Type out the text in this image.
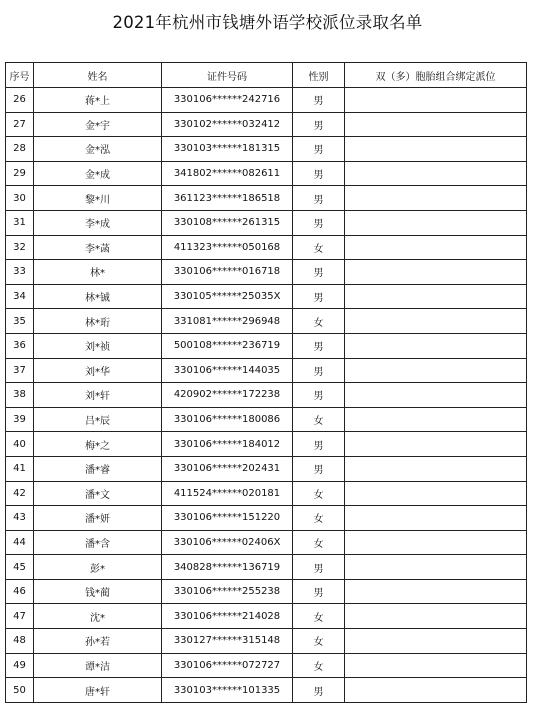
2021年杭州市钱塘外语学校派位录取名单
序号	姓名	证件号码	性别	双（多）胞胎组合绑定派位
26	蒋*上	330106******242716	男	
27	金*宇	330102******032412	男	
28	金*泓	330103******181315	男	
29	金*成	341802******082611	男	
30	黎*川	361123******186518	男	
31	李*成	330108******261315	男	
32	李*菡	411323******050168	女	
33	林*	330106******016718	男	
34	林*铖	330105******25035X	男	
35	林*珩	331081******296948	女	
36	刘*祯	500108******236719	男	
37	刘*华	330106******144035	男	
38	刘*轩	420902******172238	男	
39	吕*辰	330106******180086	女	
40	梅*之	330106******184012	男	
41	潘*睿	330106******202431	男	
42	潘*文	411524******020181	女	
43	潘*妍	330106******151220	女	
44	潘*含	330106******02406X	女	
45	彭*	340828******136719	男	
46	钱*蔺	330106******255238	男	
47	沈*	330106******214028	女	
48	孙*若	330127******315148	女	
49	谭*洁	330106******072727	女	
50	唐*轩	330103******101335	男	
